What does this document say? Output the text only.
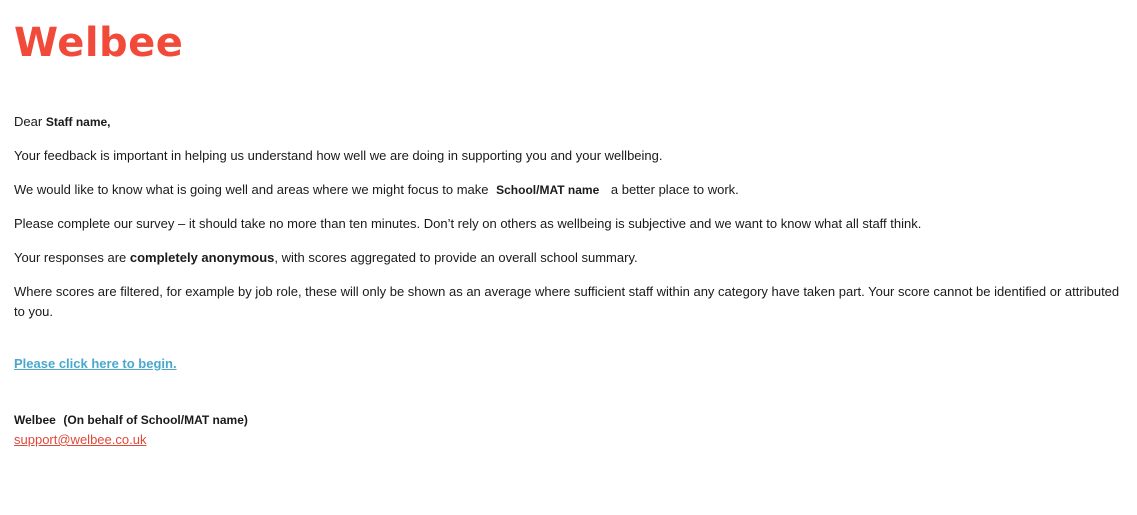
Welbee

Dear Staff name,

Your feedback is important in helping us understand how well we are doing in supporting you and your wellbeing.

We would like to know what is going well and areas where we might focus to make School/MAT name a better place to work.

Please complete our survey – it should take no more than ten minutes. Don’t rely on others as wellbeing is subjective and we want to know what all staff think.

Your responses are completely anonymous, with scores aggregated to provide an overall school summary.

Where scores are filtered, for example by job role, these will only be shown as an average where sufficient staff within any category have taken part. Your score cannot be identified or attributed to you.

Please click here to begin.
Welbee (On behalf of School/MAT name)
support@welbee.co.uk
